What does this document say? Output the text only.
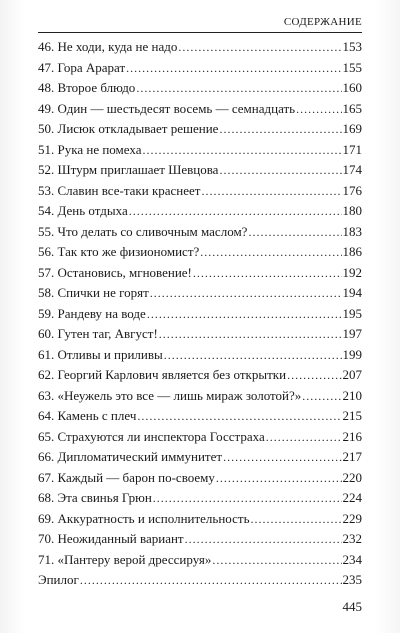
СОДЕРЖАНИЕ
46. Не ходи, куда не надо .....	153
47. Гора Арарат .....	155
48. Второе блюдо .....	160
49. Один — шестьдесят восемь — семнадцать .....	165
50. Лисюк откладывает решение .....	169
51. Рука не помеха .....	171
52. Штурм приглашает Шевцова .....	174
53. Славин все-таки краснеет .....	176
54. День отдыха .....	180
55. Что делать со сливочным маслом? .....	183
56. Так кто же физиономист? .....	186
57. Остановись, мгновение! .....	192
58. Спички не горят .....	194
59. Рандеву на воде .....	195
60. Гутен таг, Август! .....	197
61. Отливы и приливы .....	199
62. Георгий Карлович является без открытки .....	207
63. «Неужель это все — лишь мираж золотой?» .....	210
64. Камень с плеч .....	215
65. Страхуются ли инспектора Госстраха .....	216
66. Дипломатический иммунитет .....	217
67. Каждый — барон по-своему .....	220
68. Эта свинья Грюн .....	224
69. Аккуратность и исполнительность .....	229
70. Неожиданный вариант .....	232
71. «Пантеру верой дрессируя» .....	234
Эпилог .....	235
445
